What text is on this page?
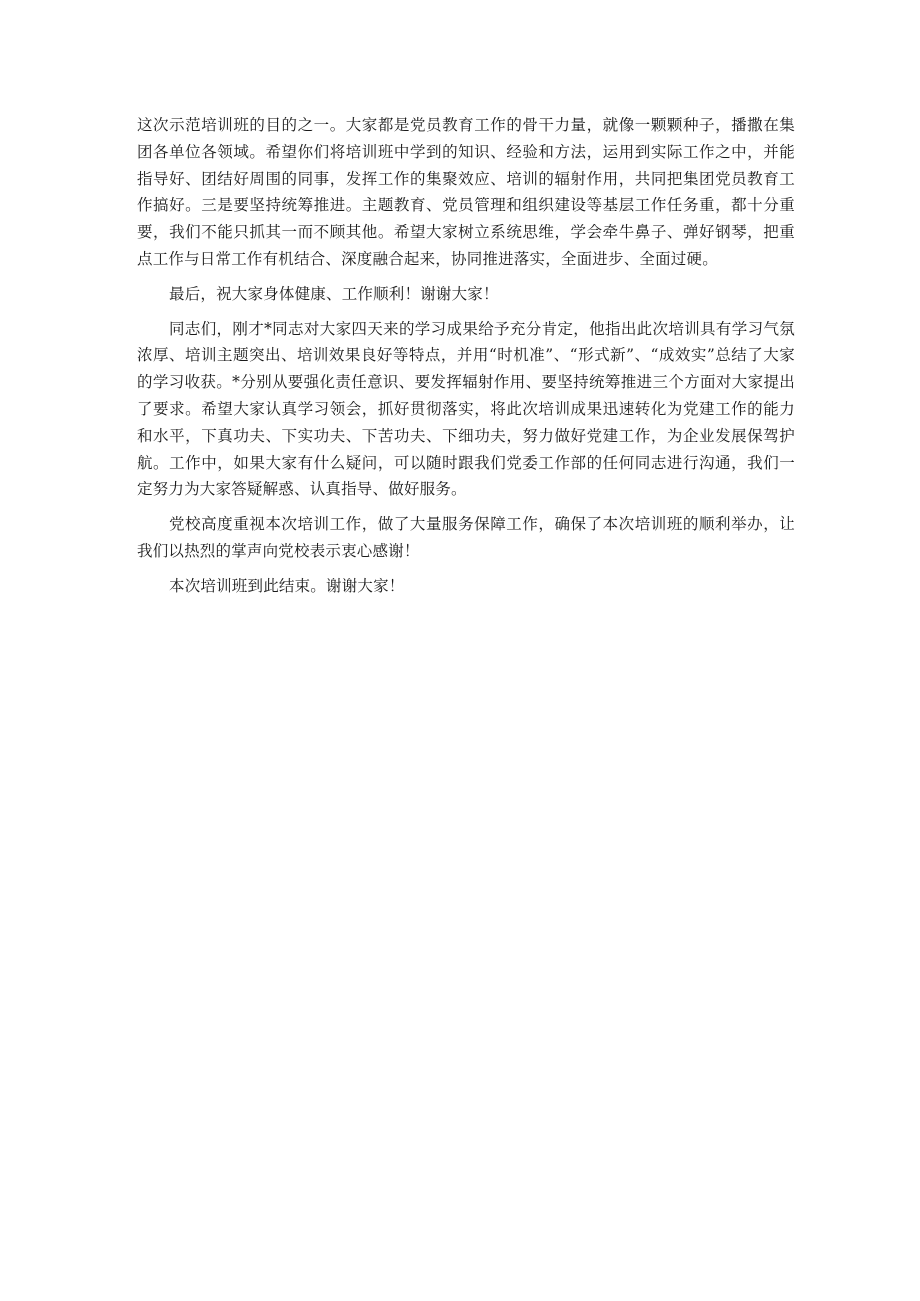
这次示范培训班的目的之一。大家都是党员教育工作的骨干力量，就像一颗颗种子，播撒在集团各单位各领域。希望你们将培训班中学到的知识、经验和方法，运用到实际工作之中，并能指导好、团结好周围的同事，发挥工作的集聚效应、培训的辐射作用，共同把集团党员教育工作搞好。三是要坚持统筹推进。主题教育、党员管理和组织建设等基层工作任务重，都十分重要，我们不能只抓其一而不顾其他。希望大家树立系统思维，学会牵牛鼻子、弹好钢琴，把重点工作与日常工作有机结合、深度融合起来，协同推进落实，全面进步、全面过硬。

最后，祝大家身体健康、工作顺利！谢谢大家！

同志们，刚才*同志对大家四天来的学习成果给予充分肯定，他指出此次培训具有学习气氛浓厚、培训主题突出、培训效果良好等特点，并用“时机准”、“形式新”、“成效实”总结了大家的学习收获。*分别从要强化责任意识、要发挥辐射作用、要坚持统筹推进三个方面对大家提出了要求。希望大家认真学习领会，抓好贯彻落实，将此次培训成果迅速转化为党建工作的能力和水平，下真功夫、下实功夫、下苦功夫、下细功夫，努力做好党建工作，为企业发展保驾护航。工作中，如果大家有什么疑问，可以随时跟我们党委工作部的任何同志进行沟通，我们一定努力为大家答疑解惑、认真指导、做好服务。

党校高度重视本次培训工作，做了大量服务保障工作，确保了本次培训班的顺利举办，让我们以热烈的掌声向党校表示衷心感谢！

本次培训班到此结束。谢谢大家！
